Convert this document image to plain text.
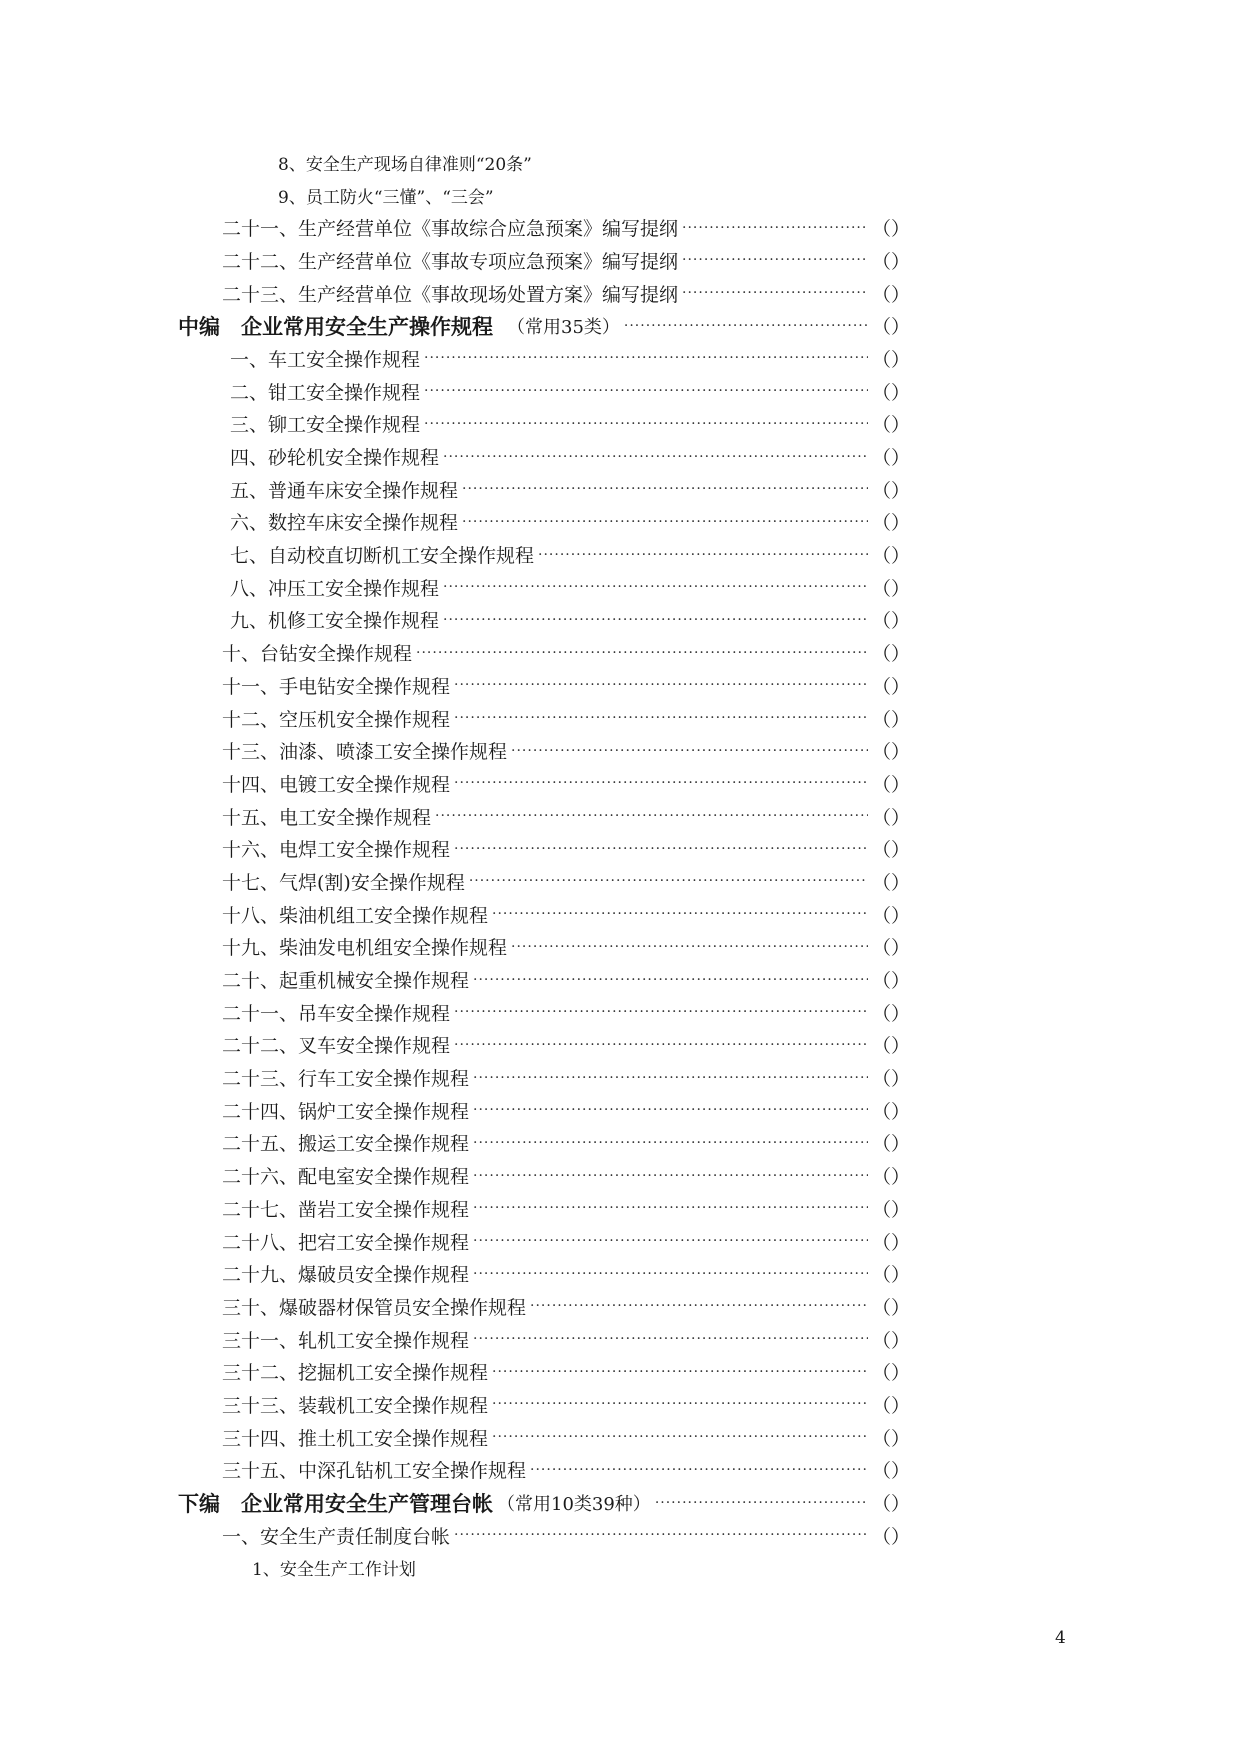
8、安全生产现场自律准则“20条”
9、员工防火“三懂”、“三会”
二十一、生产经营单位《事故综合应急预案》编写提纲 ·····	（）
二十二、生产经营单位《事故专项应急预案》编写提纲 ·····	（）
二十三、生产经营单位《事故现场处置方案》编写提纲 ·····	（）
中编　企业常用安全生产操作规程 （常用35类） ·····	（）
一、车工安全操作规程 ·····	（）
二、钳工安全操作规程 ·····	（）
三、铆工安全操作规程 ·····	（）
四、砂轮机安全操作规程 ·····	（）
五、普通车床安全操作规程 ·····	（）
六、数控车床安全操作规程 ·····	（）
七、自动校直切断机工安全操作规程 ·····	（）
八、冲压工安全操作规程 ·····	（）
九、机修工安全操作规程 ·····	（）
十、台钻安全操作规程 ·····	（）
十一、手电钻安全操作规程 ·····	（）
十二、空压机安全操作规程 ·····	（）
十三、油漆、喷漆工安全操作规程 ·····	（）
十四、电镀工安全操作规程 ·····	（）
十五、电工安全操作规程 ·····	（）
十六、电焊工安全操作规程 ·····	（）
十七、气焊(割)安全操作规程 ·····	（）
十八、柴油机组工安全操作规程 ·····	（）
十九、柴油发电机组安全操作规程 ·····	（）
二十、起重机械安全操作规程 ·····	（）
二十一、吊车安全操作规程 ·····	（）
二十二、叉车安全操作规程 ·····	（）
二十三、行车工安全操作规程 ·····	（）
二十四、锅炉工安全操作规程 ·····	（）
二十五、搬运工安全操作规程 ·····	（）
二十六、配电室安全操作规程 ·····	（）
二十七、凿岩工安全操作规程 ·····	（）
二十八、把宕工安全操作规程 ·····	（）
二十九、爆破员安全操作规程 ·····	（）
三十、爆破器材保管员安全操作规程 ·····	（）
三十一、轧机工安全操作规程 ·····	（）
三十二、挖掘机工安全操作规程 ·····	（）
三十三、装载机工安全操作规程 ·····	（）
三十四、推土机工安全操作规程 ·····	（）
三十五、中深孔钻机工安全操作规程 ·····	（）
下编　企业常用安全生产管理台帐 （常用10类39种） ·····	（）
一、安全生产责任制度台帐 ·····	（）
1、安全生产工作计划
4
